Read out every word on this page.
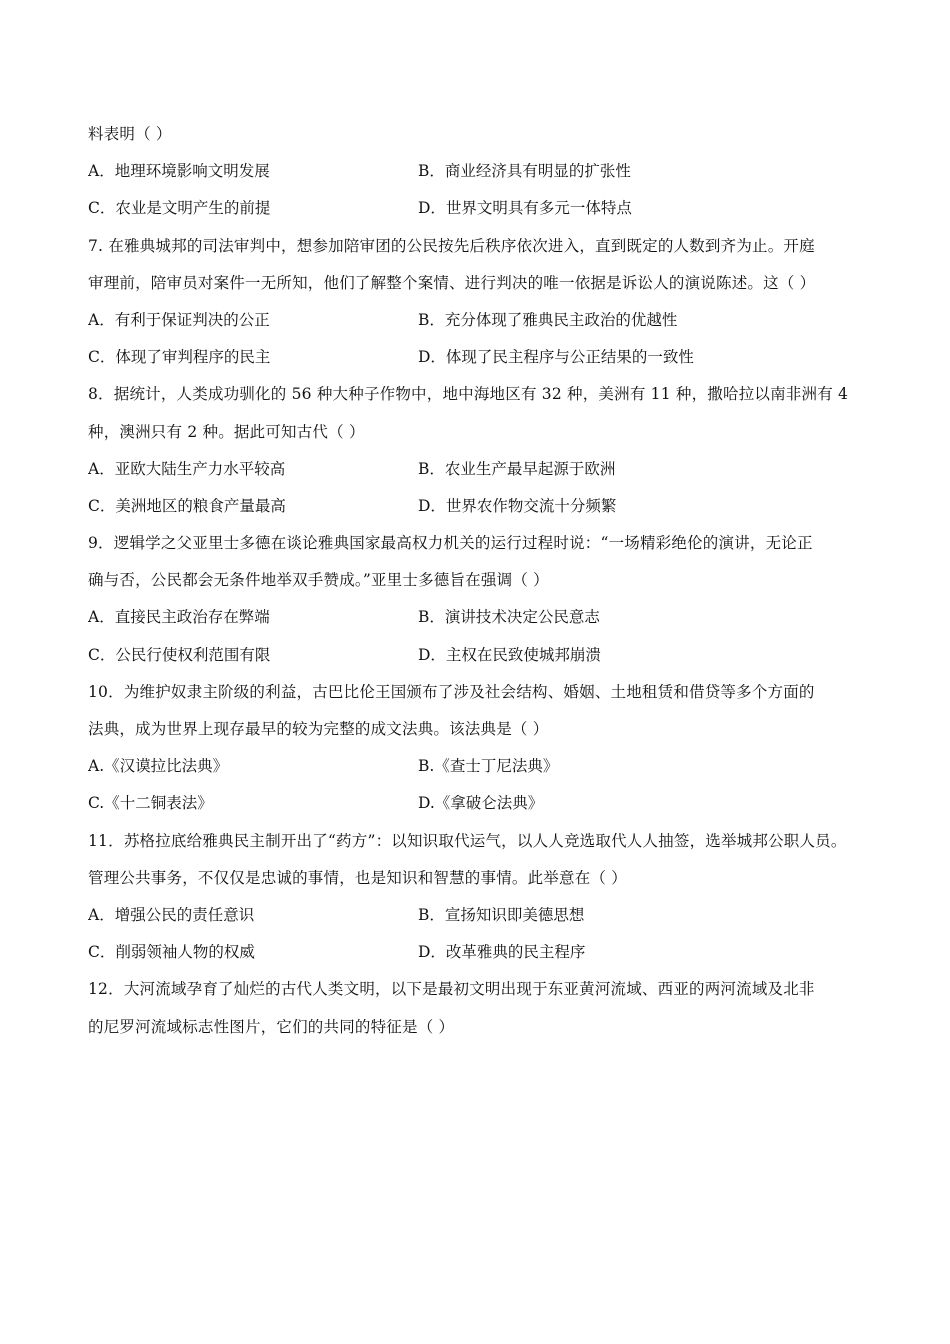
料表明（ ）
A．地理环境影响文明发展	B．商业经济具有明显的扩张性
C．农业是文明产生的前提	D．世界文明具有多元一体特点
7. 在雅典城邦的司法审判中，想参加陪审团的公民按先后秩序依次进入，直到既定的人数到齐为止。开庭
审理前，陪审员对案件一无所知，他们了解整个案情、进行判决的唯一依据是诉讼人的演说陈述。这（ ）
A．有利于保证判决的公正	B．充分体现了雅典民主政治的优越性
C．体现了审判程序的民主	D．体现了民主程序与公正结果的一致性
8．据统计，人类成功驯化的 56 种大种子作物中，地中海地区有 32 种，美洲有 11 种，撒哈拉以南非洲有 4
种，澳洲只有 2 种。据此可知古代（ ）
A．亚欧大陆生产力水平较高	B．农业生产最早起源于欧洲
C．美洲地区的粮食产量最高	D．世界农作物交流十分频繁
9．逻辑学之父亚里士多德在谈论雅典国家最高权力机关的运行过程时说：“一场精彩绝伦的演讲，无论正
确与否，公民都会无条件地举双手赞成。”亚里士多德旨在强调（ ）
A．直接民主政治存在弊端	B．演讲技术决定公民意志
C．公民行使权利范围有限	D．主权在民致使城邦崩溃
10．为维护奴隶主阶级的利益，古巴比伦王国颁布了涉及社会结构、婚姻、土地租赁和借贷等多个方面的
法典，成为世界上现存最早的较为完整的成文法典。该法典是（ ）
A.《汉谟拉比法典》	B.《查士丁尼法典》
C.《十二铜表法》	D.《拿破仑法典》
11．苏格拉底给雅典民主制开出了“药方”：以知识取代运气，以人人竞选取代人人抽签，选举城邦公职人员。
管理公共事务，不仅仅是忠诚的事情，也是知识和智慧的事情。此举意在（ ）
A．增强公民的责任意识	B．宣扬知识即美德思想
C．削弱领袖人物的权威	D．改革雅典的民主程序
12．大河流域孕育了灿烂的古代人类文明，以下是最初文明出现于东亚黄河流域、西亚的两河流域及北非
的尼罗河流域标志性图片，它们的共同的特征是（ ）
